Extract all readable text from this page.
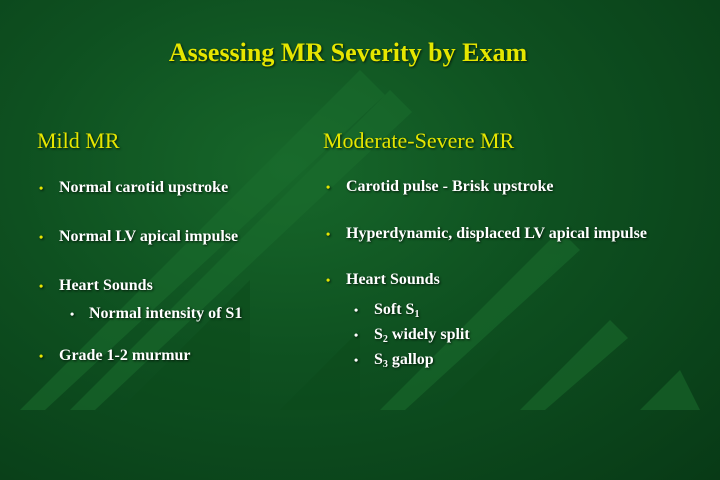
Assessing MR Severity by Exam
Mild MR	Moderate-Severe MR
• Normal carotid upstroke
• Normal LV apical impulse
• Heart Sounds
• Normal intensity of S1
• Grade 1-2 murmur
• Carotid pulse - Brisk upstroke
• Hyperdynamic, displaced LV apical impulse
• Heart Sounds
• Soft $S_1$
• $S_2$ widely split
• $S_3$ gallop
